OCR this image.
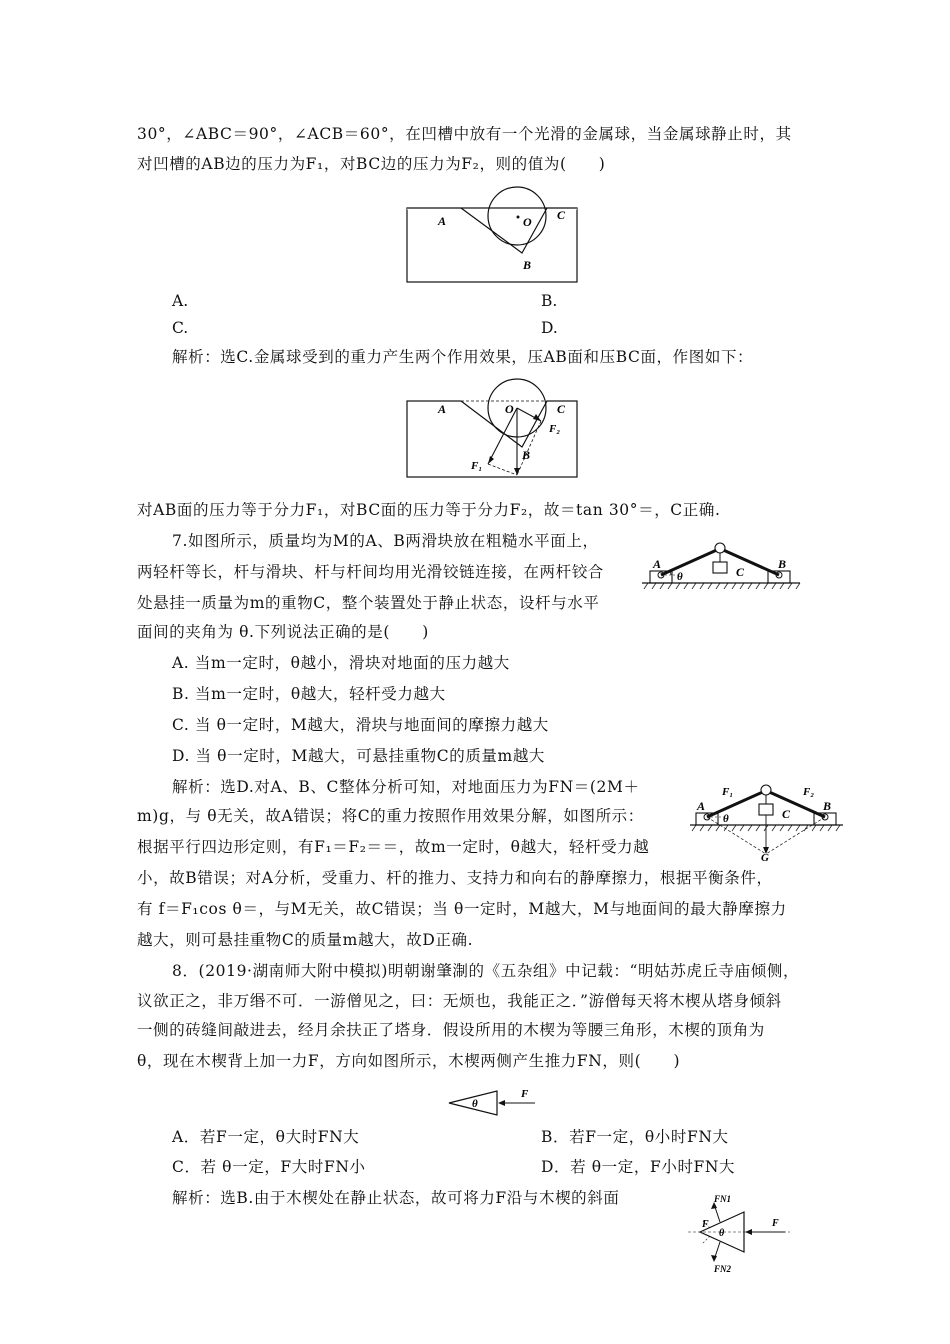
30°，∠ABC＝90°，∠ACB＝60°，在凹槽中放有一个光滑的金属球，当金属球静止时，其
对凹槽的AB边的压力为F₁，对BC边的压力为F₂，则的值为(　　)
A	O C
B
A.	B.
C.	D.
解析：选C.金属球受到的重力产生两个作用效果，压AB面和压BC面，作图如下：
A	O	C
F₂
B
F₁
对AB面的压力等于分力F₁，对BC面的压力等于分力F₂，故＝tan 30°＝，C正确.
7.如图所示，质量均为M的A、B两滑块放在粗糙水平面上，
两轻杆等长，杆与滑块、杆与杆间均用光滑铰链连接，在两杆铰合
处悬挂一质量为m的重物C，整个装置处于静止状态，设杆与水平
面间的夹角为 θ.下列说法正确的是(　　)
A
θ	C
B
A. 当m一定时，θ越小，滑块对地面的压力越大
B. 当m一定时，θ越大，轻杆受力越大
C. 当 θ一定时，M越大，滑块与地面间的摩擦力越大
D. 当 θ一定时，M越大，可悬挂重物C的质量m越大
解析：选D.对A、B、C整体分析可知，对地面压力为FN＝(2M＋
m)g，与 θ无关，故A错误；将C的重力按照作用效果分解，如图所示：
根据平行四边形定则，有F₁＝F₂＝＝，故m一定时，θ越大，轻杆受力越
小，故B错误；对A分析，受重力、杆的推力、支持力和向右的静摩擦力，根据平衡条件，
有 f＝F₁cos θ＝，与M无关，故C错误；当 θ一定时，M越大，M与地面间的最大静摩擦力
越大，则可悬挂重物C的质量m越大，故D正确.
A
F₁
θ	C
F₂
B
G
8．(2019·湖南师大附中模拟)明朝谢肇淛的《五杂组》中记载：“明姑苏虎丘寺庙倾侧，
议欲正之，非万缗不可．一游僧见之，曰：无烦也，我能正之．”游僧每天将木楔从塔身倾斜
一侧的砖缝间敲进去，经月余扶正了塔身．假设所用的木楔为等腰三角形，木楔的顶角为
θ，现在木楔背上加一力F，方向如图所示，木楔两侧产生推力FN，则(　　)
θ
F
A．若F一定，θ大时FN大	B．若F一定，θ小时FN大
C．若 θ一定，F大时FN小	D．若 θ一定，F小时FN大
解析：选B.由于木楔处在静止状态，故可将力F沿与木楔的斜面	FN1
FN2
F
θ
F
